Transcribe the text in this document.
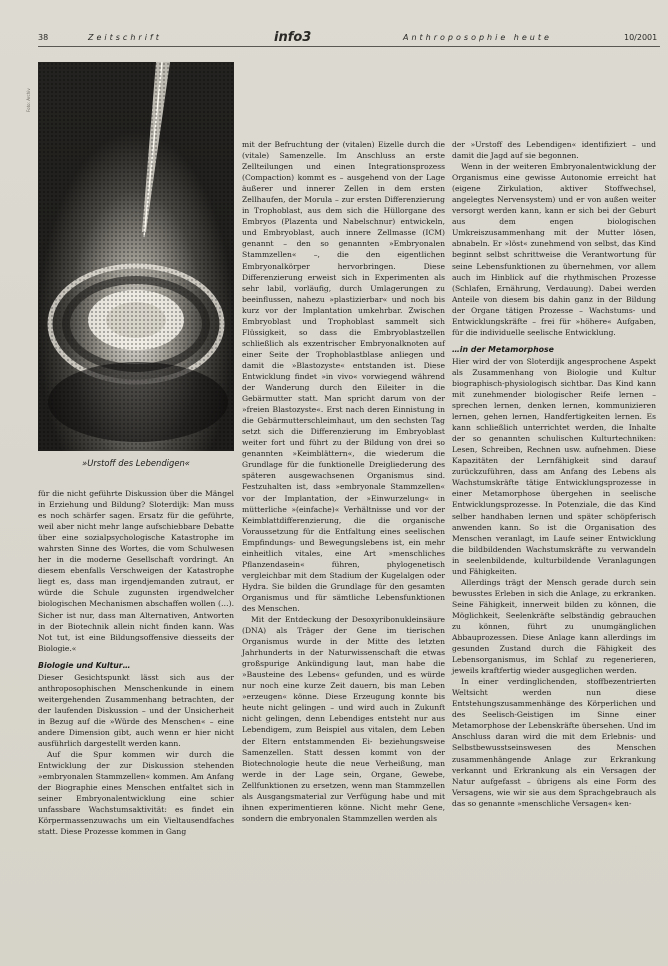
38	Zeitschrift	info3	Anthroposophie heute	10/2001
Foto: Archiv
»Urstoff des Lebendigen«

für die nicht geführte Diskussion über die Mängel in Erziehung und Bildung? Sloterdijk: Man muss es noch schärfer sagen. Ersatz für die geführte, weil aber nicht mehr lange aufschiebbare Debatte über eine sozialpsychologische Katastrophe im wahrsten Sinne des Wortes, die vom Schulwesen her in die moderne Gesellschaft vordringt. An diesem ebenfalls Verschweigen der Katastrophe liegt es, dass man irgendjemanden zutraut, er würde die Schule zugunsten irgendwelcher biologischen Mechanismen abschaffen wollen (…). Sicher ist nur, dass man Alternativen, Antworten in der Biotechnik allein nicht finden kann. Was Not tut, ist eine Bildungsoffensive diesseits der Biologie.«

Biologie und Kultur…

Dieser Gesichtspunkt lässt sich aus der anthroposophischen Menschenkunde in einem weitergehenden Zusammenhang betrachten, der der laufenden Diskussion – und der Unsicherheit in Bezug auf die »Würde des Menschen« – eine andere Dimension gibt, auch wenn er hier nicht ausführlich dargestellt werden kann.

Auf die Spur kommen wir durch die Entwicklung der zur Diskussion stehenden »embryonalen Stammzellen« kommen. Am Anfang der Biographie eines Menschen entfaltet sich in seiner Embryonalentwicklung eine schier unfassbare Wachstumsaktivität: es findet ein Körpermassenzuwachs um ein Vieltausendfaches statt. Diese Prozesse kommen in Gang

mit der Befruchtung der (vitalen) Eizelle durch die (vitale) Samenzelle. Im Anschluss an erste Zellteilungen und einen Integrationsprozess (Compaction) kommt es – ausgehend von der Lage äußerer und innerer Zellen in dem ersten Zellhaufen, der Morula – zur ersten Differenzierung in Trophoblast, aus dem sich die Hüllorgane des Embryos (Plazenta und Nabelschnur) entwickeln, und Embryoblast, auch innere Zellmasse (ICM) genannt – den so genannten »Embryonalen Stammzellen« –, die den eigentlichen Embryonalkörper hervorbringen. Diese Differenzierung erweist sich in Experimenten als sehr labil, vorläufig, durch Umlagerungen zu beeinflussen, nahezu »plastizierbar« und noch bis kurz vor der Implantation umkehrbar. Zwischen Embryoblast und Trophoblast sammelt sich Flüssigkeit, so dass die Embryoblastzellen schließlich als exzentrischer Embryonalknoten auf einer Seite der Trophoblastblase anliegen und damit die »Blastozyste« entstanden ist. Diese Entwicklung findet »in vivo« vorwiegend während der Wanderung durch den Eileiter in die Gebärmutter statt. Man spricht darum von der »freien Blastozyste«. Erst nach deren Einnistung in die Gebärmutterschleimhaut, um den sechsten Tag setzt sich die Differenzierung im Embryoblast weiter fort und führt zu der Bildung von drei so genannten »Keimblättern«, die wiederum die Grundlage für die funktionelle Dreigliederung des späteren ausgewachsenen Organismus sind. Festzuhalten ist, dass »embryonale Stammzellen« vor der Implantation, der »Einwurzelung« in mütterliche »(einfache)« Verhältnisse und vor der Keimblattdifferenzierung, die die organische Voraussetzung für die Entfaltung eines seelischen Empfindungs- und Bewegungslebens ist, ein mehr einheitlich vitales, eine Art »menschliches Pflanzendasein« führen, phylogenetisch vergleichbar mit dem Stadium der Kugelalgen oder Hydra. Sie bilden die Grundlage für den gesamten Organismus und für sämtliche Lebensfunktionen des Menschen.

Mit der Entdeckung der Desoxyribonukleinsäure (DNA) als Träger der Gene im tierischen Organismus wurde in der Mitte des letzten Jahrhunderts in der Naturwissenschaft die etwas großspurige Ankündigung laut, man habe die »Bausteine des Lebens« gefunden, und es würde nur noch eine kurze Zeit dauern, bis man Leben »erzeugen« könne. Diese Erzeugung konnte bis heute nicht gelingen – und wird auch in Zukunft nicht gelingen, denn Lebendiges entsteht nur aus Lebendigem, zum Beispiel aus vitalen, dem Leben der Eltern entstammenden Ei- beziehungsweise Samenzellen. Statt dessen kommt von der Biotechnologie heute die neue Verheißung, man werde in der Lage sein, Organe, Gewebe, Zellfunktionen zu ersetzen, wenn man Stammzellen als Ausgangsmaterial zur Verfügung habe und mit ihnen experimentieren könne. Nicht mehr Gene, sondern die embryonalen Stammzellen werden als

der »Urstoff des Lebendigen« identifiziert – und damit die Jagd auf sie begonnen.

Wenn in der weiteren Embryonalentwicklung der Organismus eine gewisse Autonomie erreicht hat (eigene Zirkulation, aktiver Stoffwechsel, angelegtes Nervensystem) und er von außen weiter versorgt werden kann, kann er sich bei der Geburt aus dem engen biologischen Umkreiszusammenhang mit der Mutter lösen, abnabeln. Er »löst« zunehmend von selbst, das Kind beginnt selbst schrittweise die Verantwortung für seine Lebensfunktionen zu übernehmen, vor allem auch im Hinblick auf die rhythmischen Prozesse (Schlafen, Ernährung, Verdauung). Dabei werden Anteile von diesem bis dahin ganz in der Bildung der Organe tätigen Prozesse – Wachstums- und Entwicklungskräfte – frei für »höhere« Aufgaben, für die individuelle seelische Entwicklung.

…in der Metamorphose

Hier wird der von Sloterdijk angesprochene Aspekt als Zusammenhang von Biologie und Kultur biographisch-physiologisch sichtbar. Das Kind kann mit zunehmender biologischer Reife lernen – sprechen lernen, denken lernen, kommunizieren lernen, gehen lernen, Handfertigkeiten lernen. Es kann schließlich unterrichtet werden, die Inhalte der so genannten schulischen Kulturtechniken: Lesen, Schreiben, Rechnen usw. aufnehmen. Diese Kapazitäten der Lernfähigkeit sind darauf zurückzuführen, dass am Anfang des Lebens als Wachstumskräfte tätige Entwicklungsprozesse in einer Metamorphose übergehen in seelische Entwicklungsprozesse. In Potenziale, die das Kind selber handhaben lernen und später schöpferisch anwenden kann. So ist die Organisation des Menschen veranlagt, im Laufe seiner Entwicklung die bildbildenden Wachstumskräfte zu verwandeln in seelenbildende, kulturbildende Veranlagungen und Fähigkeiten.

Allerdings trägt der Mensch gerade durch sein bewusstes Erleben in sich die Anlage, zu erkranken. Seine Fähigkeit, innerweit bilden zu können, die Möglichkeit, Seelenkräfte selbständig gebrauchen zu können, führt zu unumgänglichen Abbauprozessen. Diese Anlage kann allerdings im gesunden Zustand durch die Fähigkeit des Lebensorganismus, im Schlaf zu regenerieren, jeweils kraftfertig wieder ausgeglichen werden.

In einer verdinglichenden, stoffbezentrierten Weltsicht werden nun diese Entstehungszusammenhänge des Körperlichen und des Seelisch-Geistigen im Sinne einer Metamorphose der Lebenskräfte übersehen. Und im Anschluss daran wird die mit dem Erlebnis- und Selbstbewusstseinswesen des Menschen zusammenhängende Anlage zur Erkrankung verkannt und Erkrankung als ein Versagen der Natur aufgefasst – übrigens als eine Form des Versagens, wie wir sie aus dem Sprachgebrauch als das so genannte »menschliche Versagen« ken-
